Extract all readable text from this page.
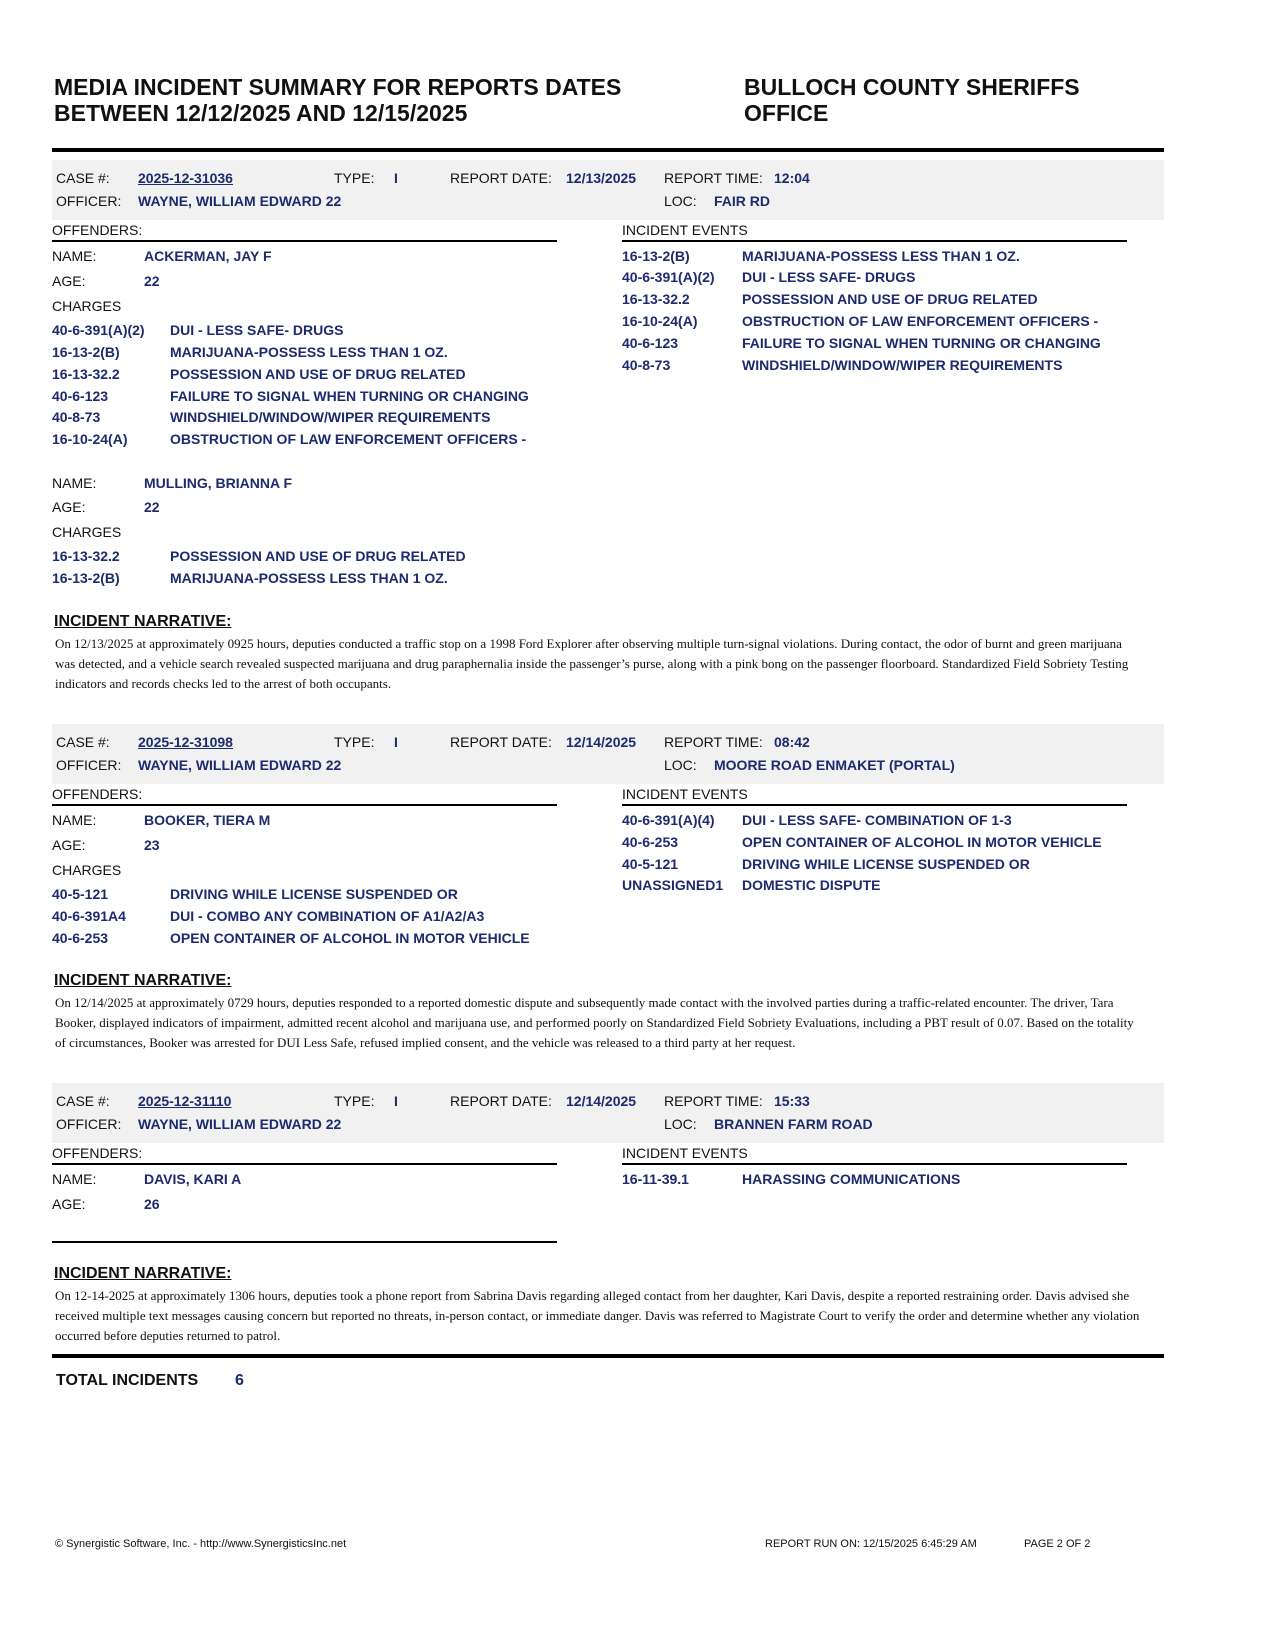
MEDIA INCIDENT SUMMARY FOR REPORTS DATES BETWEEN 12/12/2025 AND 12/15/2025
BULLOCH COUNTY SHERIFFS OFFICE
CASE #: 2025-12-31036	TYPE: I	REPORT DATE: 12/13/2025 REPORT TIME: 12:04
OFFICER: WAYNE, WILLIAM EDWARD 22	LOC: FAIR RD
OFFENDERS:	INCIDENT EVENTS
NAME:	ACKERMAN, JAY F
AGE:	22
CHARGES
40-6-391(A)(2) DUI - LESS SAFE- DRUGS
16-13-2(B)	MARIJUANA-POSSESS LESS THAN 1 OZ.
16-13-32.2	POSSESSION AND USE OF DRUG RELATED
40-6-123	FAILURE TO SIGNAL WHEN TURNING OR CHANGING
40-8-73	WINDSHIELD/WINDOW/WIPER REQUIREMENTS
16-10-24(A)	OBSTRUCTION OF LAW ENFORCEMENT OFFICERS -
NAME:	MULLING, BRIANNA F
AGE:	22
CHARGES
16-13-32.2	POSSESSION AND USE OF DRUG RELATED
16-13-2(B)	MARIJUANA-POSSESS LESS THAN 1 OZ.
16-13-2(B)	MARIJUANA-POSSESS LESS THAN 1 OZ.
40-6-391(A)(2) DUI - LESS SAFE- DRUGS
16-13-32.2	POSSESSION AND USE OF DRUG RELATED
16-10-24(A)	OBSTRUCTION OF LAW ENFORCEMENT OFFICERS -
40-6-123	FAILURE TO SIGNAL WHEN TURNING OR CHANGING
40-8-73	WINDSHIELD/WINDOW/WIPER REQUIREMENTS
INCIDENT NARRATIVE:
On 12/13/2025 at approximately 0925 hours, deputies conducted a traffic stop on a 1998 Ford Explorer after observing multiple turn-signal violations. During contact, the odor of burnt and green marijuana was detected, and a vehicle search revealed suspected marijuana and drug paraphernalia inside the passenger’s purse, along with a pink bong on the passenger floorboard. Standardized Field Sobriety Testing indicators and records checks led to the arrest of both occupants.
CASE #: 2025-12-31098	TYPE: I	REPORT DATE: 12/14/2025 REPORT TIME: 08:42
OFFICER: WAYNE, WILLIAM EDWARD 22	LOC: MOORE ROAD ENMAKET (PORTAL)
OFFENDERS:	INCIDENT EVENTS
NAME:	BOOKER, TIERA M
AGE:	23
CHARGES
40-5-121	DRIVING WHILE LICENSE SUSPENDED OR
40-6-391A4	DUI - COMBO ANY COMBINATION OF A1/A2/A3
40-6-253	OPEN CONTAINER OF ALCOHOL IN MOTOR VEHICLE
40-6-391(A)(4) DUI - LESS SAFE- COMBINATION OF 1-3
40-6-253	OPEN CONTAINER OF ALCOHOL IN MOTOR VEHICLE
40-5-121	DRIVING WHILE LICENSE SUSPENDED OR
UNASSIGNED1 DOMESTIC DISPUTE
INCIDENT NARRATIVE:
On 12/14/2025 at approximately 0729 hours, deputies responded to a reported domestic dispute and subsequently made contact with the involved parties during a traffic-related encounter. The driver, Tara Booker, displayed indicators of impairment, admitted recent alcohol and marijuana use, and performed poorly on Standardized Field Sobriety Evaluations, including a PBT result of 0.07. Based on the totality of circumstances, Booker was arrested for DUI Less Safe, refused implied consent, and the vehicle was released to a third party at her request.
CASE #: 2025-12-31110	TYPE: I	REPORT DATE: 12/14/2025 REPORT TIME: 15:33
OFFICER: WAYNE, WILLIAM EDWARD 22	LOC: BRANNEN FARM ROAD
OFFENDERS:	INCIDENT EVENTS
NAME:	DAVIS, KARI A
AGE:	26
16-11-39.1	HARASSING COMMUNICATIONS
INCIDENT NARRATIVE:
On 12-14-2025 at approximately 1306 hours, deputies took a phone report from Sabrina Davis regarding alleged contact from her daughter, Kari Davis, despite a reported restraining order. Davis advised she received multiple text messages causing concern but reported no threats, in-person contact, or immediate danger. Davis was referred to Magistrate Court to verify the order and determine whether any violation occurred before deputies returned to patrol.
TOTAL INCIDENTS 6
© Synergistic Software, Inc. - http://www.SynergisticsInc.net	REPORT RUN ON: 12/15/2025 6:45:29 AM	PAGE 2 OF 2
